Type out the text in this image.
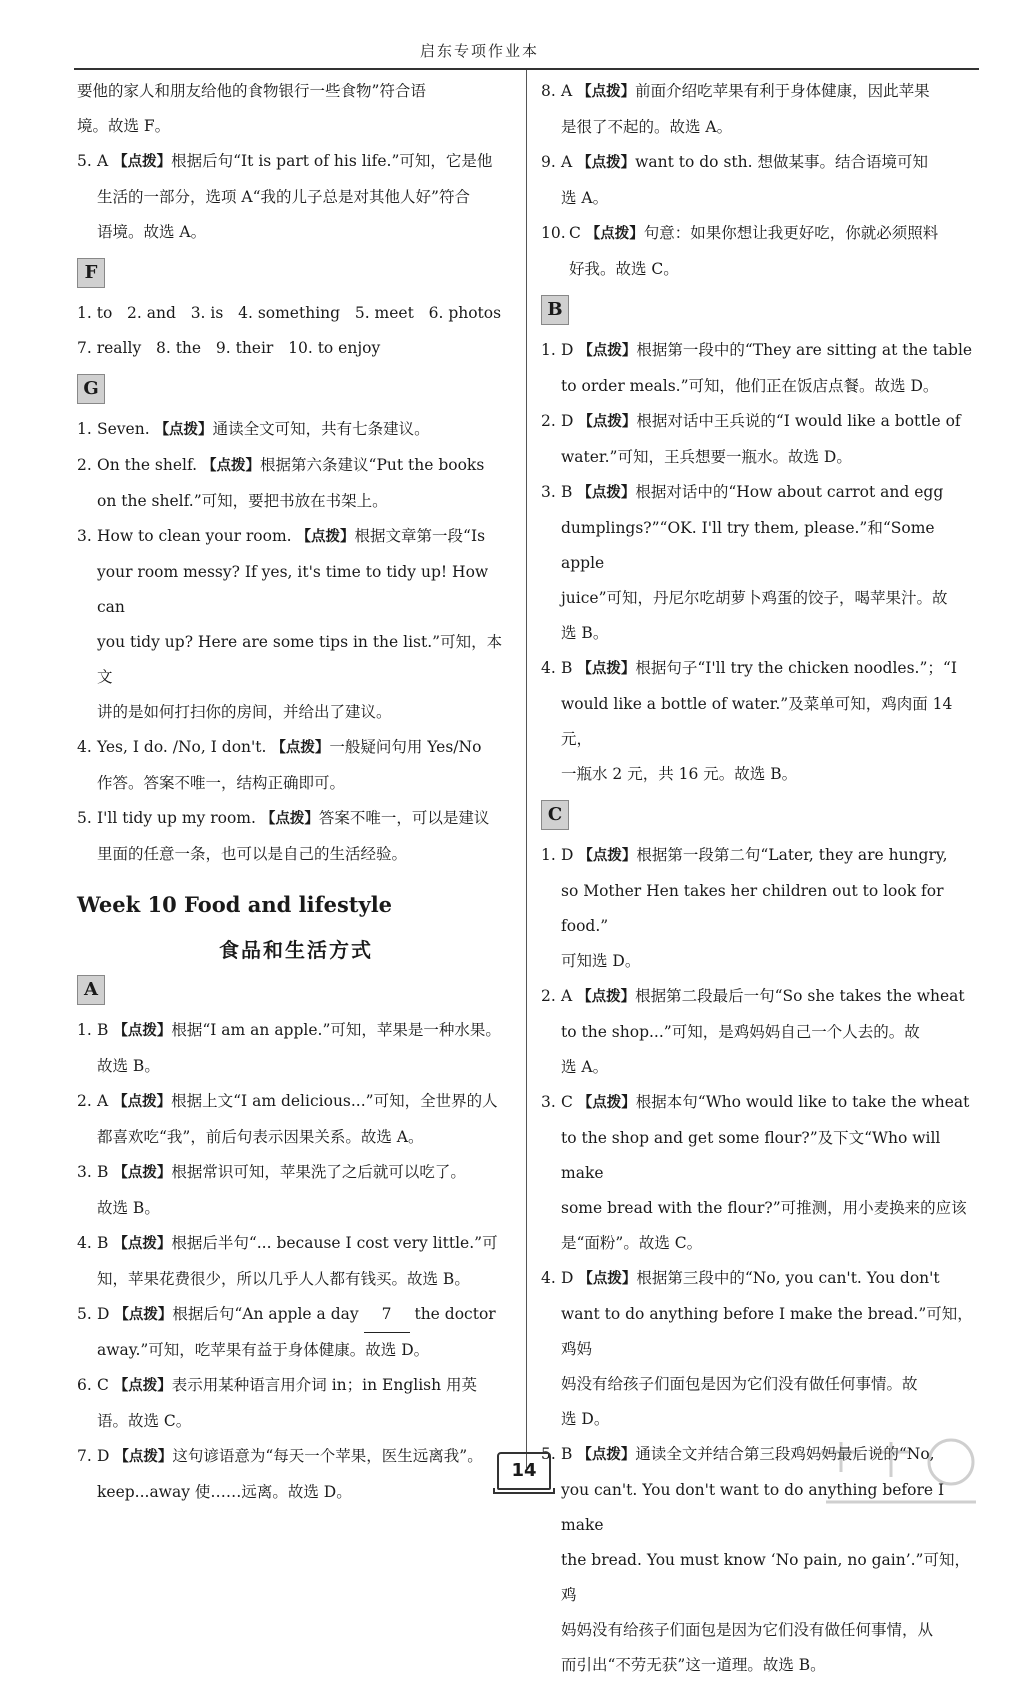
启东专项作业本
要他的家人和朋友给他的食物银行一些食物”符合语
境。故选 F。
5. A 【点拨】根据后句“It is part of his life.”可知，它是他
生活的一部分，选项 A“我的儿子总是对其他人好”符合
语境。故选 A。
F
1. to   2. and   3. is   4. something   5. meet   6. photos
7. really   8. the   9. their   10. to enjoy
G
1. Seven. 【点拨】通读全文可知，共有七条建议。
2. On the shelf. 【点拨】根据第六条建议“Put the books
on the shelf.”可知，要把书放在书架上。
3. How to clean your room. 【点拨】根据文章第一段“Is
your room messy? If yes, it's time to tidy up! How can
you tidy up? Here are some tips in the list.”可知，本文
讲的是如何打扫你的房间，并给出了建议。
4. Yes, I do. /No, I don't. 【点拨】一般疑问句用 Yes/No
作答。答案不唯一，结构正确即可。
5. I'll tidy up my room. 【点拨】答案不唯一，可以是建议
里面的任意一条，也可以是自己的生活经验。
Week 10 Food and lifestyle
食品和生活方式
A
1. B 【点拨】根据“I am an apple.”可知，苹果是一种水果。
故选 B。
2. A 【点拨】根据上文“I am delicious...”可知，全世界的人
都喜欢吃“我”，前后句表示因果关系。故选 A。
3. B 【点拨】根据常识可知，苹果洗了之后就可以吃了。
故选 B。
4. B 【点拨】根据后半句“... because I cost very little.”可
知，苹果花费很少，所以几乎人人都有钱买。故选 B。
5. D 【点拨】根据后句“An apple a day 7 the doctor
away.”可知，吃苹果有益于身体健康。故选 D。
6. C 【点拨】表示用某种语言用介词 in；in English 用英
语。故选 C。
7. D 【点拨】这句谚语意为“每天一个苹果，医生远离我”。
keep...away 使……远离。故选 D。
8. A 【点拨】前面介绍吃苹果有利于身体健康，因此苹果
是很了不起的。故选 A。
9. A 【点拨】want to do sth. 想做某事。结合语境可知
选 A。
10. C 【点拨】句意：如果你想让我更好吃，你就必须照料
好我。故选 C。
B
1. D 【点拨】根据第一段中的“They are sitting at the table
to order meals.”可知，他们正在饭店点餐。故选 D。
2. D 【点拨】根据对话中王兵说的“I would like a bottle of
water.”可知，王兵想要一瓶水。故选 D。
3. B 【点拨】根据对话中的“How about carrot and egg
dumplings?”“OK. I'll try them, please.”和“Some apple
juice”可知，丹尼尔吃胡萝卜鸡蛋的饺子，喝苹果汁。故
选 B。
4. B 【点拨】根据句子“I'll try the chicken noodles.”；“I
would like a bottle of water.”及菜单可知，鸡肉面 14 元，
一瓶水 2 元，共 16 元。故选 B。
C
1. D 【点拨】根据第一段第二句“Later, they are hungry,
so Mother Hen takes her children out to look for food.”
可知选 D。
2. A 【点拨】根据第二段最后一句“So she takes the wheat
to the shop...”可知，是鸡妈妈自己一个人去的。故
选 A。
3. C 【点拨】根据本句“Who would like to take the wheat
to the shop and get some flour?”及下文“Who will make
some bread with the flour?”可推测，用小麦换来的应该
是“面粉”。故选 C。
4. D 【点拨】根据第三段中的“No, you can't. You don't
want to do anything before I make the bread.”可知，鸡妈
妈没有给孩子们面包是因为它们没有做任何事情。故
选 D。
5. B 【点拨】通读全文并结合第三段鸡妈妈最后说的“No,
you can't. You don't want to do anything before I make
the bread. You must know ‘No pain, no gain’.”可知，鸡
妈妈没有给孩子们面包是因为它们没有做任何事情，从
而引出“不劳无获”这一道理。故选 B。
14
